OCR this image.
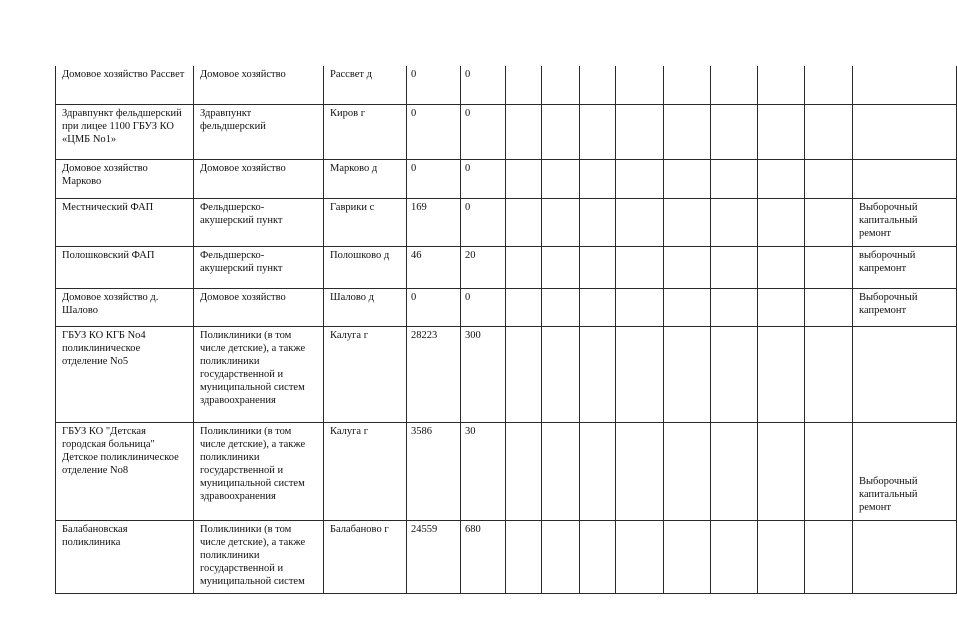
Домовое хозяйство Рассвет	Домовое хозяйство	Рассвет д	0	0									
Здравпункт фельдшерский при лицее 1100 ГБУЗ КО «ЦМБ No1»	Здравпункт фельдшерский	Киров г	0	0									
Домовое хозяйство Марково	Домовое хозяйство	Марково д	0	0									
Местнический ФАП	Фельдшерско-акушерский пункт	Гаврики с	169	0									Выборочный капитальный ремонт
Полошковский ФАП	Фельдшерско-акушерский пункт	Полошково д	46	20									выборочный капремонт
Домовое хозяйство д. Шалово	Домовое хозяйство	Шалово д	0	0									Выборочный капремонт
ГБУЗ КО КГБ No4 поликлиническое отделение No5	Поликлиники (в том числе детские), а также поликлиники государственной и муниципальной систем здравоохранения	Калуга г	28223	300									
ГБУЗ КО "Детская городская больница" Детское поликлиническое отделение No8	Поликлиники (в том числе детские), а также поликлиники государственной и муниципальной систем здравоохранения	Калуга г	3586	30									Выборочный капитальный ремонт
Балабановская поликлиника	Поликлиники (в том числе детские), а также поликлиники государственной и муниципальной систем	Балабаново г	24559	680									
